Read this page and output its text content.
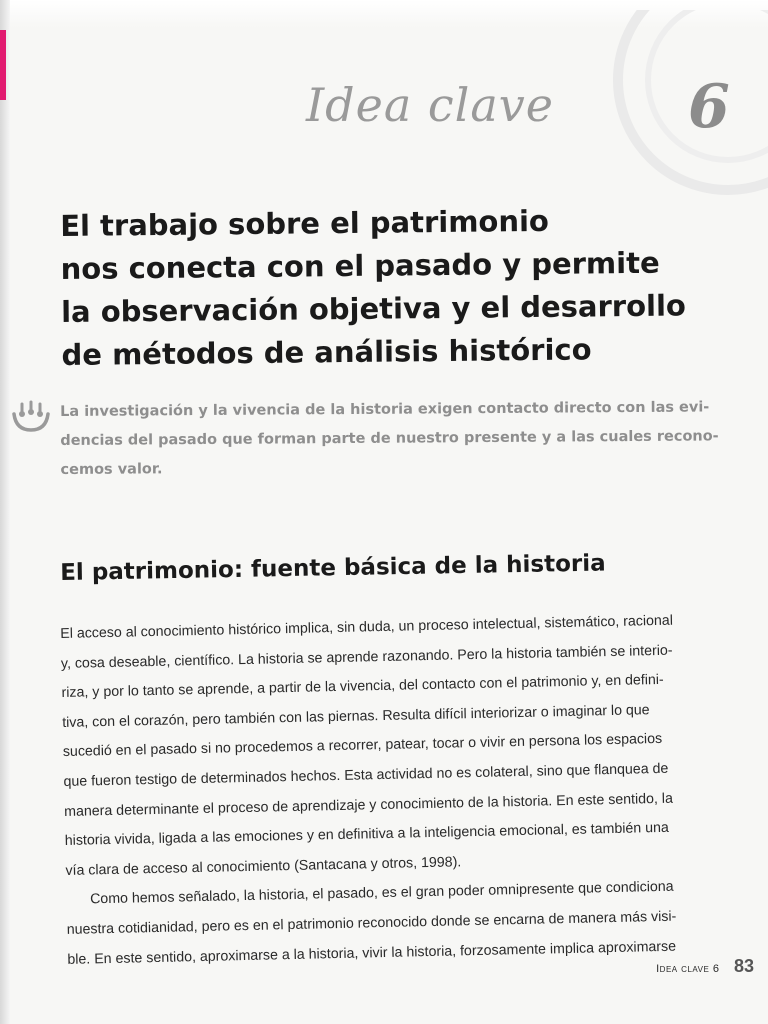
Idea clave 6
El trabajo sobre el patrimonio
nos conecta con el pasado y permite
la observación objetiva y el desarrollo
de métodos de análisis histórico

La investigación y la vivencia de la historia exigen contacto directo con las evi-
dencias del pasado que forman parte de nuestro presente y a las cuales recono-
cemos valor.

El patrimonio: fuente básica de la historia

El acceso al conocimiento histórico implica, sin duda, un proceso intelectual, sistemático, racional
y, cosa deseable, científico. La historia se aprende razonando. Pero la historia también se interio-
riza, y por lo tanto se aprende, a partir de la vivencia, del contacto con el patrimonio y, en defini-
tiva, con el corazón, pero también con las piernas. Resulta difícil interiorizar o imaginar lo que
sucedió en el pasado si no procedemos a recorrer, patear, tocar o vivir en persona los espacios
que fueron testigo de determinados hechos. Esta actividad no es colateral, sino que flanquea de
manera determinante el proceso de aprendizaje y conocimiento de la historia. En este sentido, la
historia vivida, ligada a las emociones y en definitiva a la inteligencia emocional, es también una
vía clara de acceso al conocimiento (Santacana y otros, 1998).
Como hemos señalado, la historia, el pasado, es el gran poder omnipresente que condiciona
nuestra cotidianidad, pero es en el patrimonio reconocido donde se encarna de manera más visi-
ble. En este sentido, aproximarse a la historia, vivir la historia, forzosamente implica aproximarse

Idea clave 6 83
